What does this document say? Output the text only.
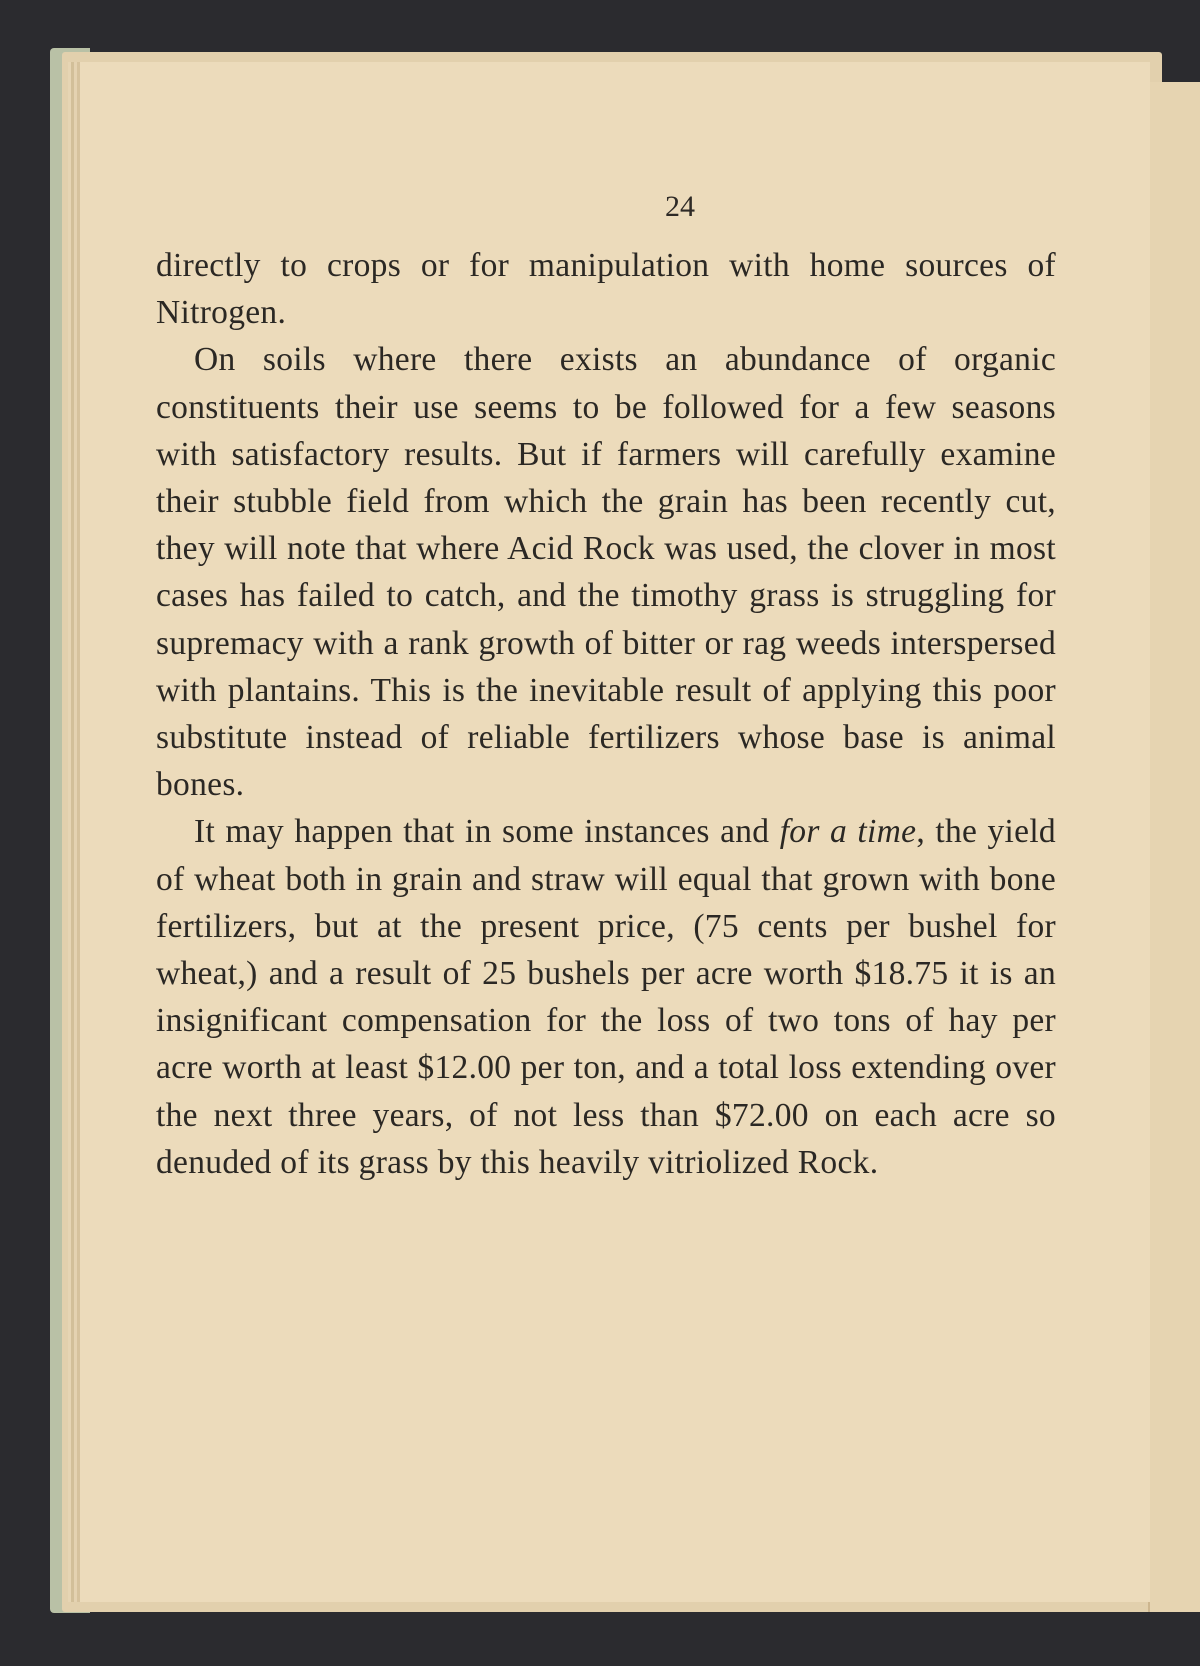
24

directly to crops or for manipulation with home sources of Nitrogen.

On soils where there exists an abundance of organic constituents their use seems to be followed for a few seasons with satisfactory results. But if farmers will carefully examine their stubble field from which the grain has been recently cut, they will note that where Acid Rock was used, the clover in most cases has failed to catch, and the timothy grass is struggling for supremacy with a rank growth of bitter or rag weeds interspersed with plantains. This is the inevitable result of applying this poor substitute instead of reliable fertilizers whose base is animal bones.

It may happen that in some instances and for a time, the yield of wheat both in grain and straw will equal that grown with bone fertilizers, but at the present price, (75 cents per bushel for wheat,) and a result of 25 bushels per acre worth $18.75 it is an insignificant compensation for the loss of two tons of hay per acre worth at least $12.00 per ton, and a total loss extending over the next three years, of not less than $72.00 on each acre so denuded of its grass by this heavily vitriolized Rock.
